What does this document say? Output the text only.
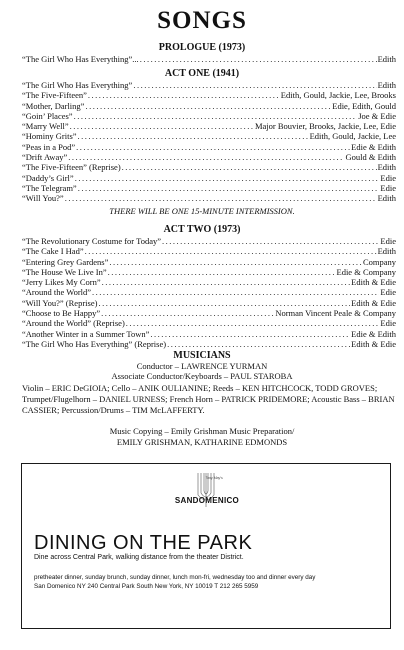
SONGS
PROLOGUE (1973)
“The Girl Who Has Everything”... .....	Edith
ACT ONE (1941)
“The Girl Who Has Everything” .....	Edith
“The Five-Fifteen” .....	Edith, Gould, Jackie, Lee, Brooks
“Mother, Darling” .....	Edie, Edith, Gould
“Goin’ Places” .....	Joe & Edie
“Marry Well” .....	Major Bouvier, Brooks, Jackie, Lee, Edie
“Hominy Grits” .....	Edith, Gould, Jackie, Lee
“Peas in a Pod” .....	Edie & Edith
“Drift Away” .....	Gould & Edith
“The Five-Fifteen” (Reprise) .....	Edith
“Daddy’s Girl” .....	Edie
“The Telegram” .....	Edie
“Will You?” .....	Edith
THERE WILL BE ONE 15-MINUTE INTERMISSION.
ACT TWO (1973)
“The Revolutionary Costume for Today” .....	Edie
“The Cake I Had” .....	Edith
“Entering Grey Gardens” .....	Company
“The House We Live In” .....	Edie & Company
“Jerry Likes My Corn” .....	Edith & Edie
“Around the World” .....	Edie
“Will You?” (Reprise) .....	Edith & Edie
“Choose to Be Happy” .....	Norman Vincent Peale & Company
“Around the World” (Reprise) .....	Edie
“Another Winter in a Summer Town” .....	Edie & Edith
“The Girl Who Has Everything” (Reprise) .....	Edith & Edie
MUSICIANS
Conductor – LAWRENCE YURMAN
Associate Conductor/Keyboards – PAUL STAROBA
Violin – ERIC DeGIOIA; Cello – ANIK OULIANINE; Reeds – KEN HITCHCOCK, TODD GROVES; Trumpet/Flugelhorn – DANIEL URNESS; French Horn – PATRICK PRIDEMORE; Acoustic Bass – BRIAN CASSIER; Percussion/Drums – TIM McLAFFERTY.
Music Copying – Emily Grishman Music Preparation/
EMILY GRISHMAN, KATHARINE EDMONDS
Tony May's
SANDOMENICO
DINING ON THE PARK
Dine across Central Park, walking distance from the theater District.
pretheater dinner, sunday brunch, sunday dinner, lunch mon-fri, wednesday too and dinner every day
San Domenico NY 240 Central Park South New York, NY 10019 T 212 265 5959
